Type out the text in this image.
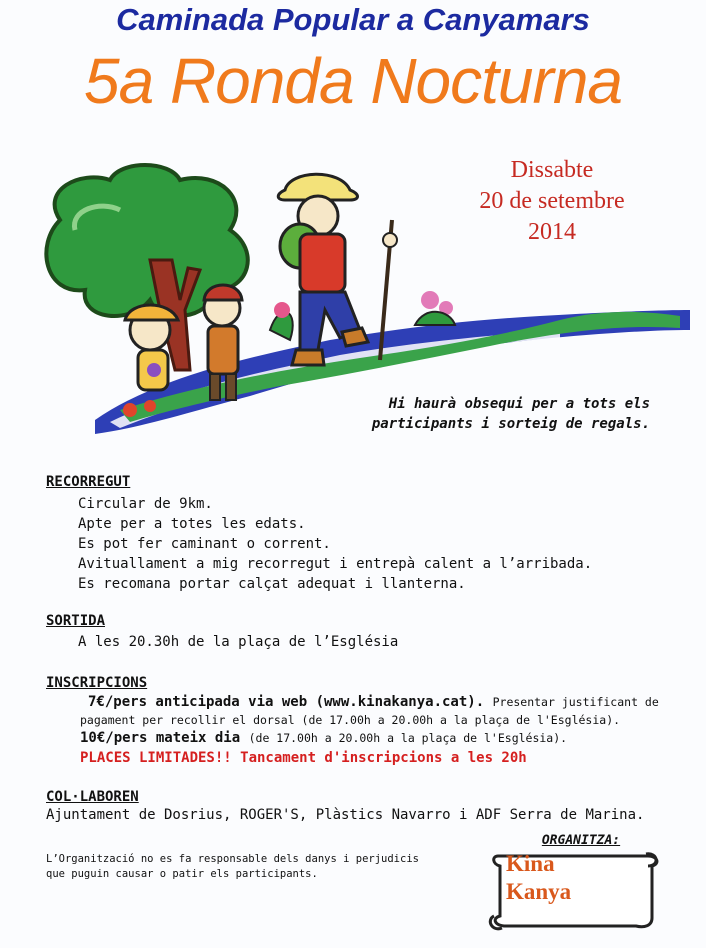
Caminada Popular a Canyamars
5a Ronda Nocturna
Dissabte
20 de setembre
2014
Hi haurà obsequi per a tots els
participants i sorteig de regals.
RECORREGUT
Circular de 9km.
Apte per a totes les edats.
Es pot fer caminant o corrent.
Avituallament a mig recorregut i entrepà calent a l’arribada.
Es recomana portar calçat adequat i llanterna.
SORTIDA
A les 20.30h de la plaça de l’Església
INSCRIPCIONS
7€/pers anticipada via web (www.kinakanya.cat). Presentar justificant de
pagament per recollir el dorsal (de 17.00h a 20.00h a la plaça de l'Església).
10€/pers mateix dia (de 17.00h a 20.00h a la plaça de l'Església).
PLACES LIMITADES!! Tancament d'inscripcions a les 20h
COL·LABOREN
Ajuntament de Dosrius, ROGER'S, Plàstics Navarro i ADF Serra de Marina.
L’Organització no es fa responsable dels danys i perjudicis
que puguin causar o patir els participants.
ORGANITZA:
Kina
Kanya
